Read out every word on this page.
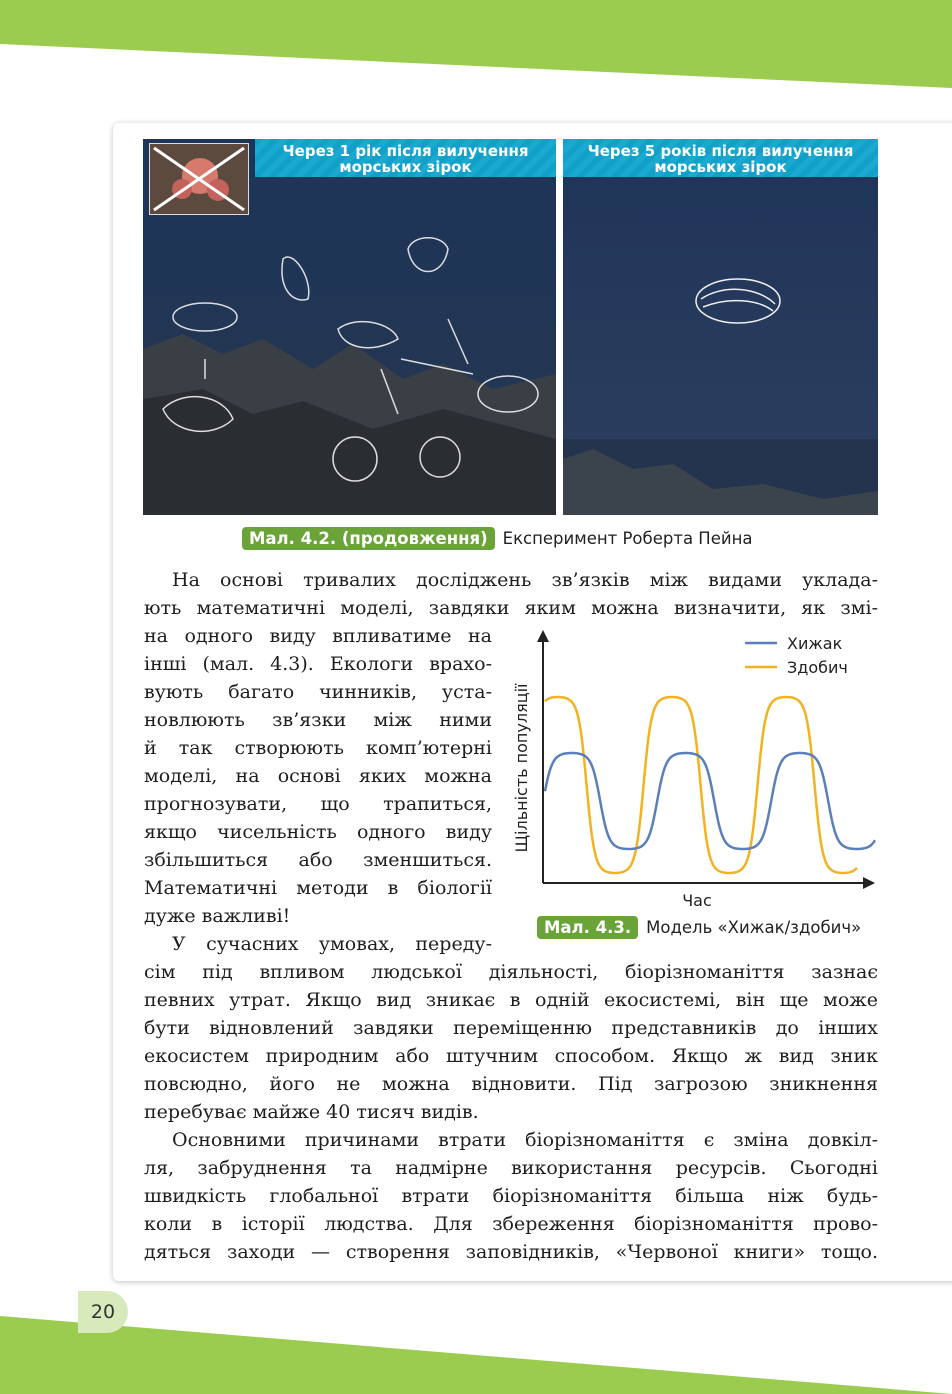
Через 1 рік після вилучення морських зірок
Через 5 років після вилучення морських зірок
Мал. 4.2. (продовження) Експеримент Роберта Пейна
На основі тривалих досліджень зв’язків між видами уклада-
ють математичні моделі, завдяки яким можна визначити, як змі-
на одного виду впливатиме на
інші (мал. 4.3). Екологи врахо-
вують багато чинників, уста-
новлюють зв’язки між ними
й так створюють комп’ютерні
моделі, на основі яких можна
прогнозувати, що трапиться,
якщо чисельність одного виду
збільшиться або зменшиться.
Математичні методи в біології
дуже важливі!
У сучасних умовах, переду-
Щільність популяції
Час
Хижак
Здобич
Мал. 4.3. Модель «Хижак/здобич»
сім під впливом людської діяльності, біорізноманіття зазнає
певних утрат. Якщо вид зникає в одній екосистемі, він ще може
бути відновлений завдяки переміщенню представників до інших
екосистем природним або штучним способом. Якщо ж вид зник
повсюдно, його не можна відновити. Під загрозою зникнення
перебуває майже 40 тисяч видів.
Основними причинами втрати біорізноманіття є зміна довкіл-
ля, забруднення та надмірне використання ресурсів. Сьогодні
швидкість глобальної втрати біорізноманіття більша ніж будь-
коли в історії людства. Для збереження біорізноманіття прово-
дяться заходи — створення заповідників, «Червоної книги» тощо.
20
